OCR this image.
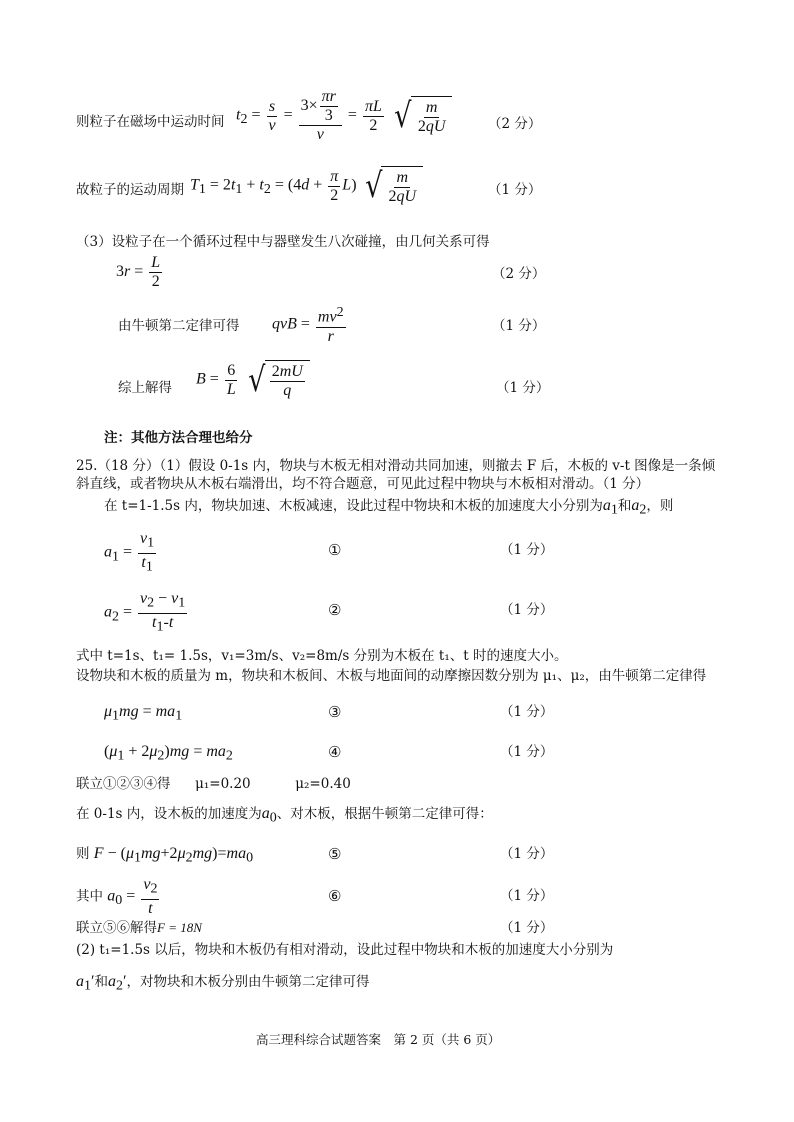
则粒子在磁场中运动时间 $t_2 = \frac{s}{v} = \frac{3\times \frac{\pi r}{3}}{v} = \frac{\pi L}{2}$
√ $\frac{m}{2qU}$	（2 分）
故粒子的运动周期 $T_1 = 2t_1 + t_2 = (4d + \frac{\pi}{2} L)$ √ $\frac{m}{2qU}$	（1 分）
（3）设粒子在一个循环过程中与器壁发生八次碰撞，由几何关系可得
$3r = \frac{L}{2}$	（2 分）
由牛顿第二定律可得 qvB = $\frac{mv^2}{r}$	（1 分）
综上解得
$B = \frac{6}{L}$
√ $\frac{2mU}{q}$	（1 分）
注：其他方法合理也给分
25.（18 分）（1）假设 0-1s 内，物块与木板无相对滑动共同加速，则撤去 F 后，木板的 v-t 图像是一条倾
斜直线，或者物块从木板右端滑出，均不符合题意，可见此过程中物块与木板相对滑动。（1 分）
在 t=1-1.5s 内，物块加速、木板减速，设此过程中物块和木板的加速度大小分别为$a_1$和$a_2$，则
$a_1 = \frac{v_1}{t_1}$	①	（1 分）
$a_2 = \frac{v_2 - v_1}{t_1-t}$	②	（1 分）
式中 t=1s、t₁= 1.5s，v₁=3m/s、v₂=8m/s 分别为木板在 t₁、t 时的速度大小。
设物块和木板的质量为 m，物块和木板间、木板与地面间的动摩擦因数分别为 μ₁、μ₂，由牛顿第二定律得
$\mu_1mg = ma_1$	③	（1 分）
$(\mu_1 + 2\mu_2)mg = ma_2$	④	（1 分）
联立①②③④得 μ₁=0.20	μ₂=0.40
在 0-1s 内，设木板的加速度为$a_0$、对木板，根据牛顿第二定律可得：
则 $F - (\mu_1mg+2\mu_2mg)=ma_0$	⑤	（1 分）
其中 $a_0 = \frac{v_2}{t}$	⑥	（1 分）
联立⑤⑥解得F = 18N	（1 分）
(2) t₁=1.5s 以后，物块和木板仍有相对滑动，设此过程中物块和木板的加速度大小分别为
$a_1'$和$a_2'$，对物块和木板分别由牛顿第二定律可得
高三理科综合试题答案　第 2 页（共 6 页）
